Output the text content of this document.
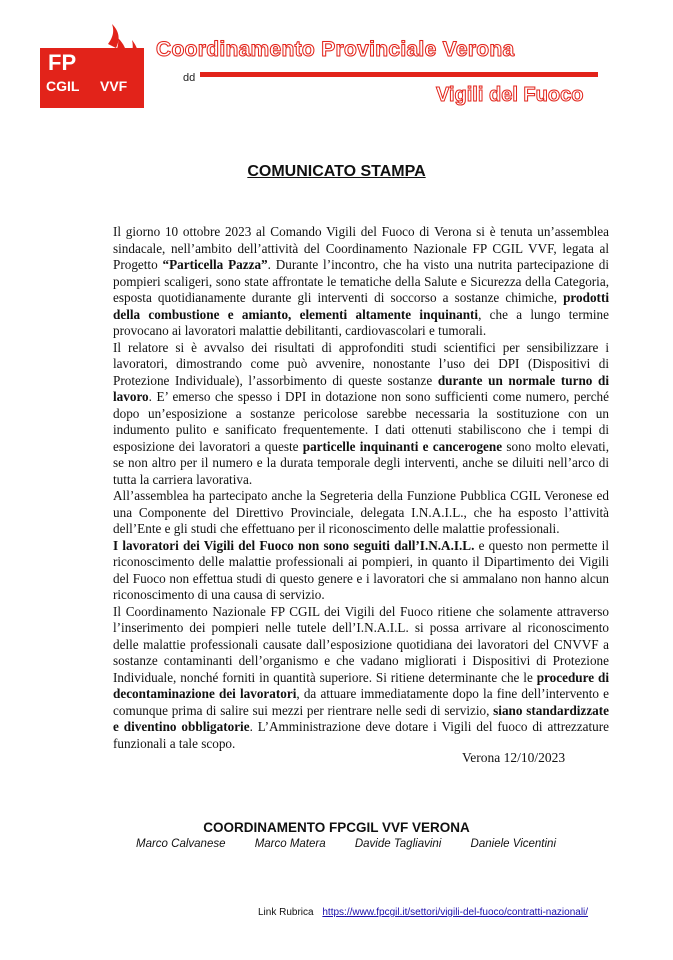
FP
CGIL VVF
Coordinamento Provinciale Verona
dd
Vigili del Fuoco
COMUNICATO STAMPA

Il giorno 10 ottobre 2023 al Comando Vigili del Fuoco di Verona si è tenuta un’assemblea sindacale, nell’ambito dell’attività del Coordinamento Nazionale FP CGIL VVF, legata al Progetto “Particella Pazza”. Durante l’incontro, che ha visto una nutrita partecipazione di pompieri scaligeri, sono state affrontate le tematiche della Salute e Sicurezza della Categoria, esposta quotidianamente durante gli interventi di soccorso a sostanze chimiche, prodotti della combustione e amianto, elementi altamente inquinanti, che a lungo termine provocano ai lavoratori malattie debilitanti, cardiovascolari e tumorali.

Il relatore si è avvalso dei risultati di approfonditi studi scientifici per sensibilizzare i lavoratori, dimostrando come può avvenire, nonostante l’uso dei DPI (Dispositivi di Protezione Individuale), l’assorbimento di queste sostanze durante un normale turno di lavoro. E’ emerso che spesso i DPI in dotazione non sono sufficienti come numero, perché dopo un’esposizione a sostanze pericolose sarebbe necessaria la sostituzione con un indumento pulito e sanificato frequentemente. I dati ottenuti stabiliscono che i tempi di esposizione dei lavoratori a queste particelle inquinanti e cancerogene sono molto elevati, se non altro per il numero e la durata temporale degli interventi, anche se diluiti nell’arco di tutta la carriera lavorativa.

All’assemblea ha partecipato anche la Segreteria della Funzione Pubblica CGIL Veronese ed una Componente del Direttivo Provinciale, delegata I.N.A.I.L., che ha esposto l’attività dell’Ente e gli studi che effettuano per il riconoscimento delle malattie professionali.

I lavoratori dei Vigili del Fuoco non sono seguiti dall’I.N.A.I.L. e questo non permette il riconoscimento delle malattie professionali ai pompieri, in quanto il Dipartimento dei Vigili del Fuoco non effettua studi di questo genere e i lavoratori che si ammalano non hanno alcun riconoscimento di una causa di servizio.

Il Coordinamento Nazionale FP CGIL dei Vigili del Fuoco ritiene che solamente attraverso l’inserimento dei pompieri nelle tutele dell’I.N.A.I.L. si possa arrivare al riconoscimento delle malattie professionali causate dall’esposizione quotidiana dei lavoratori del CNVVF a sostanze contaminanti dell’organismo e che vadano migliorati i Dispositivi di Protezione Individuale, nonché forniti in quantità superiore. Si ritiene determinante che le procedure di decontaminazione dei lavoratori, da attuare immediatamente dopo la fine dell’intervento e comunque prima di salire sui mezzi per rientrare nelle sedi di servizio, siano standardizzate e diventino obbligatorie. L’Amministrazione deve dotare i Vigili del fuoco di attrezzature funzionali a tale scopo.

Verona 12/10/2023
COORDINAMENTO FPCGIL VVF VERONA
Marco Calvanese	Marco Matera	Davide Tagliavini	Daniele Vicentini
Link Rubrica https://www.fpcgil.it/settori/vigili-del-fuoco/contratti-nazionali/
